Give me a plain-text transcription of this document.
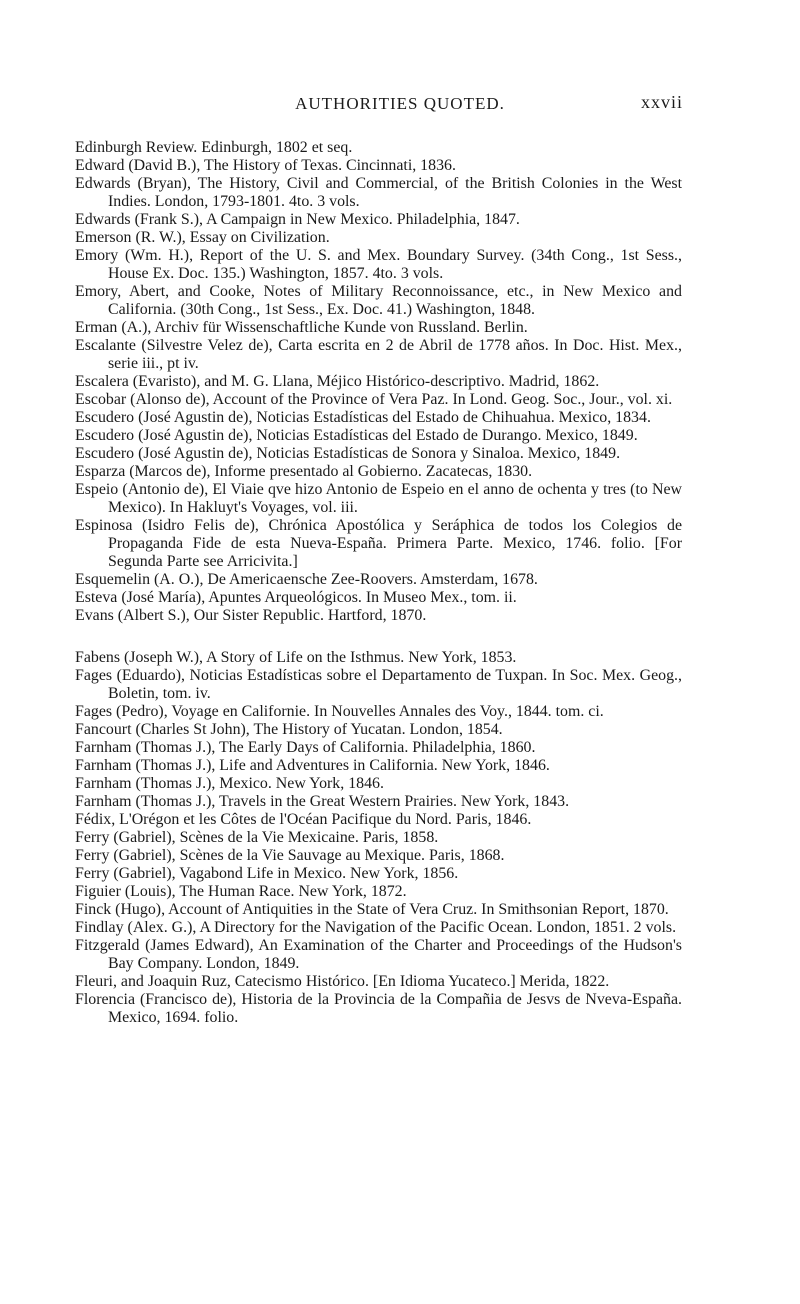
AUTHORITIES QUOTED.	xxvii

Edinburgh Review. Edinburgh, 1802 et seq.

Edward (David B.), The History of Texas. Cincinnati, 1836.

Edwards (Bryan), The History, Civil and Commercial, of the British Colonies in the West Indies. London, 1793-1801. 4to. 3 vols.

Edwards (Frank S.), A Campaign in New Mexico. Philadelphia, 1847.

Emerson (R. W.), Essay on Civilization.

Emory (Wm. H.), Report of the U. S. and Mex. Boundary Survey. (34th Cong., 1st Sess., House Ex. Doc. 135.) Washington, 1857. 4to. 3 vols.

Emory, Abert, and Cooke, Notes of Military Reconnoissance, etc., in New Mexico and California. (30th Cong., 1st Sess., Ex. Doc. 41.) Washington, 1848.

Erman (A.), Archiv für Wissenschaftliche Kunde von Russland. Berlin.

Escalante (Silvestre Velez de), Carta escrita en 2 de Abril de 1778 años. In Doc. Hist. Mex., serie iii., pt iv.

Escalera (Evaristo), and M. G. Llana, Méjico Histórico-descriptivo. Madrid, 1862.

Escobar (Alonso de), Account of the Province of Vera Paz. In Lond. Geog. Soc., Jour., vol. xi.

Escudero (José Agustin de), Noticias Estadísticas del Estado de Chihuahua. Mexico, 1834.

Escudero (José Agustin de), Noticias Estadísticas del Estado de Durango. Mexico, 1849.

Escudero (José Agustin de), Noticias Estadísticas de Sonora y Sinaloa. Mexico, 1849.

Esparza (Marcos de), Informe presentado al Gobierno. Zacatecas, 1830.

Espeio (Antonio de), El Viaie qve hizo Antonio de Espeio en el anno de ochenta y tres (to New Mexico). In Hakluyt's Voyages, vol. iii.

Espinosa (Isidro Felis de), Chrónica Apostólica y Seráphica de todos los Colegios de Propaganda Fide de esta Nueva-España. Primera Parte. Mexico, 1746. folio. [For Segunda Parte see Arricivita.]

Esquemelin (A. O.), De Americaensche Zee-Roovers. Amsterdam, 1678.

Esteva (José María), Apuntes Arqueológicos. In Museo Mex., tom. ii.

Evans (Albert S.), Our Sister Republic. Hartford, 1870.

Fabens (Joseph W.), A Story of Life on the Isthmus. New York, 1853.

Fages (Eduardo), Noticias Estadísticas sobre el Departamento de Tuxpan. In Soc. Mex. Geog., Boletin, tom. iv.

Fages (Pedro), Voyage en Californie. In Nouvelles Annales des Voy., 1844. tom. ci.

Fancourt (Charles St John), The History of Yucatan. London, 1854.

Farnham (Thomas J.), The Early Days of California. Philadelphia, 1860.

Farnham (Thomas J.), Life and Adventures in California. New York, 1846.

Farnham (Thomas J.), Mexico. New York, 1846.

Farnham (Thomas J.), Travels in the Great Western Prairies. New York, 1843.

Fédix, L'Orégon et les Côtes de l'Océan Pacifique du Nord. Paris, 1846.

Ferry (Gabriel), Scènes de la Vie Mexicaine. Paris, 1858.

Ferry (Gabriel), Scènes de la Vie Sauvage au Mexique. Paris, 1868.

Ferry (Gabriel), Vagabond Life in Mexico. New York, 1856.

Figuier (Louis), The Human Race. New York, 1872.

Finck (Hugo), Account of Antiquities in the State of Vera Cruz. In Smithsonian Report, 1870.

Findlay (Alex. G.), A Directory for the Navigation of the Pacific Ocean. London, 1851. 2 vols.

Fitzgerald (James Edward), An Examination of the Charter and Proceedings of the Hudson's Bay Company. London, 1849.

Fleuri, and Joaquin Ruz, Catecismo Histórico. [En Idioma Yucateco.] Merida, 1822.

Florencia (Francisco de), Historia de la Provincia de la Compañia de Jesvs de Nveva-España. Mexico, 1694. folio.
